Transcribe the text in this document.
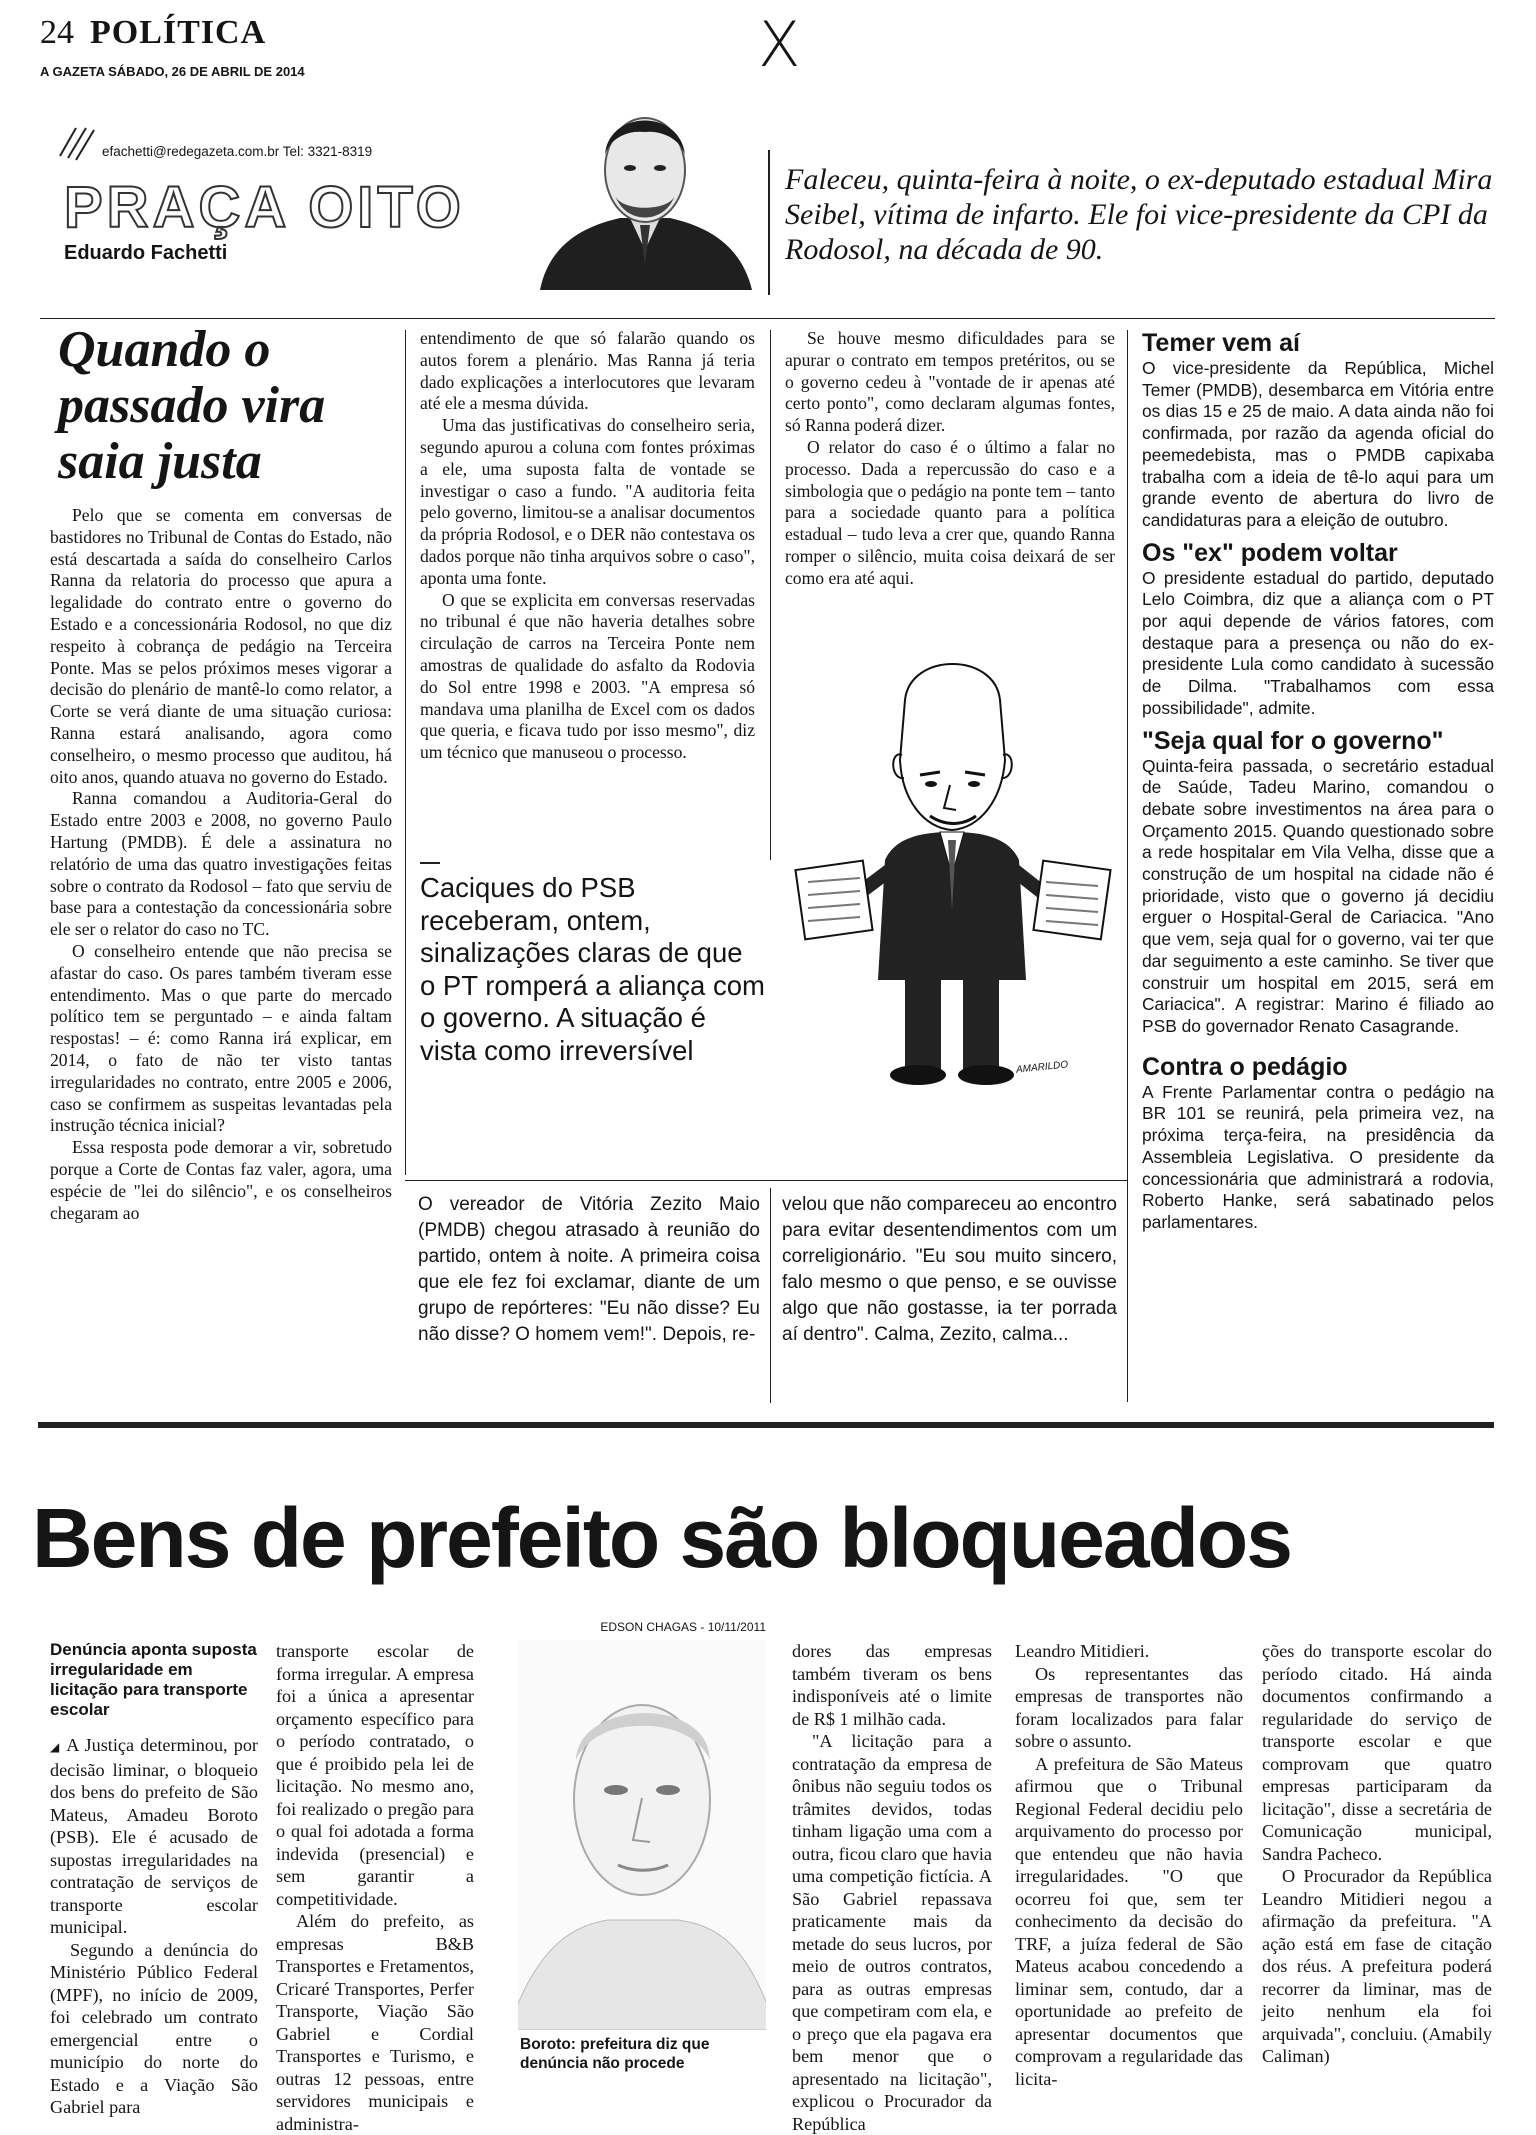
24 POLÍTICA
A GAZETA SÁBADO, 26 DE ABRIL DE 2014	X
efachetti@redegazeta.com.br Tel: 3321-8319
PRAÇA OITO
Eduardo Fachetti
Faleceu, quinta-feira à noite, o ex-deputado estadual Mira Seibel, vítima de infarto. Ele foi vice-presidente da CPI da Rodosol, na década de 90.
Quando o passado vira saia justa

Pelo que se comenta em conversas de bastidores no Tribunal de Contas do Estado, não está descartada a saída do conselheiro Carlos Ranna da relatoria do processo que apura a legalidade do contrato entre o governo do Estado e a concessionária Rodosol, no que diz respeito à cobrança de pedágio na Terceira Ponte. Mas se pelos próximos meses vigorar a decisão do plenário de mantê-lo como relator, a Corte se verá diante de uma situação curiosa: Ranna estará analisando, agora como conselheiro, o mesmo processo que auditou, há oito anos, quando atuava no governo do Estado.

Ranna comandou a Auditoria-Geral do Estado entre 2003 e 2008, no governo Paulo Hartung (PMDB). É dele a assinatura no relatório de uma das quatro investigações feitas sobre o contrato da Rodosol – fato que serviu de base para a contestação da concessionária sobre ele ser o relator do caso no TC.

O conselheiro entende que não precisa se afastar do caso. Os pares também tiveram esse entendimento. Mas o que parte do mercado político tem se perguntado – e ainda faltam respostas! – é: como Ranna irá explicar, em 2014, o fato de não ter visto tantas irregularidades no contrato, entre 2005 e 2006, caso se confirmem as suspeitas levantadas pela instrução técnica inicial?

Essa resposta pode demorar a vir, sobretudo porque a Corte de Contas faz valer, agora, uma espécie de "lei do silêncio", e os conselheiros chegaram ao

entendimento de que só falarão quando os autos forem a plenário. Mas Ranna já teria dado explicações a interlocutores que levaram até ele a mesma dúvida.

Uma das justificativas do conselheiro seria, segundo apurou a coluna com fontes próximas a ele, uma suposta falta de vontade se investigar o caso a fundo. "A auditoria feita pelo governo, limitou-se a analisar documentos da própria Rodosol, e o DER não contestava os dados porque não tinha arquivos sobre o caso", aponta uma fonte.

O que se explicita em conversas reservadas no tribunal é que não haveria detalhes sobre circulação de carros na Terceira Ponte nem amostras de qualidade do asfalto da Rodovia do Sol entre 1998 e 2003. "A empresa só mandava uma planilha de Excel com os dados que queria, e ficava tudo por isso mesmo", diz um técnico que manuseou o processo.

Se houve mesmo dificuldades para se apurar o contrato em tempos pretéritos, ou se o governo cedeu à "vontade de ir apenas até certo ponto", como declaram algumas fontes, só Ranna poderá dizer.

O relator do caso é o último a falar no processo. Dada a repercussão do caso e a simbologia que o pedágio na ponte tem – tanto para a sociedade quanto para a política estadual – tudo leva a crer que, quando Ranna romper o silêncio, muita coisa deixará de ser como era até aqui.

Caciques do PSB receberam, ontem, sinalizações claras de que o PT romperá a aliança com o governo. A situação é vista como irreversível
AMARILDO
Temer vem aí

O vice-presidente da República, Michel Temer (PMDB), desembarca em Vitória entre os dias 15 e 25 de maio. A data ainda não foi confirmada, por razão da agenda oficial do peemedebista, mas o PMDB capixaba trabalha com a ideia de tê-lo aqui para um grande evento de abertura do livro de candidaturas para a eleição de outubro.

Os "ex" podem voltar

O presidente estadual do partido, deputado Lelo Coimbra, diz que a aliança com o PT por aqui depende de vários fatores, com destaque para a presença ou não do ex-presidente Lula como candidato à sucessão de Dilma. "Trabalhamos com essa possibilidade", admite.

"Seja qual for o governo"

Quinta-feira passada, o secretário estadual de Saúde, Tadeu Marino, comandou o debate sobre investimentos na área para o Orçamento 2015. Quando questionado sobre a rede hospitalar em Vila Velha, disse que a construção de um hospital na cidade não é prioridade, visto que o governo já decidiu erguer o Hospital-Geral de Cariacica. "Ano que vem, seja qual for o governo, vai ter que dar seguimento a este caminho. Se tiver que construir um hospital em 2015, será em Cariacica". A registrar: Marino é filiado ao PSB do governador Renato Casagrande.

Contra o pedágio

A Frente Parlamentar contra o pedágio na BR 101 se reunirá, pela primeira vez, na próxima terça-feira, na presidência da Assembleia Legislativa. O presidente da concessionária que administrará a rodovia, Roberto Hanke, será sabatinado pelos parlamentares.

O vereador de Vitória Zezito Maio (PMDB) chegou atrasado à reunião do partido, ontem à noite. A primeira coisa que ele fez foi exclamar, diante de um grupo de repórteres: "Eu não disse? Eu não disse? O homem vem!". Depois, re-
velou que não compareceu ao encontro para evitar desentendimentos com um correligionário. "Eu sou muito sincero, falo mesmo o que penso, e se ouvisse algo que não gostasse, ia ter porrada aí dentro". Calma, Zezito, calma...
Bens de prefeito são bloqueados
Denúncia aponta suposta irregularidade em licitação para transporte escolar

◢ A Justiça determinou, por decisão liminar, o bloqueio dos bens do prefeito de São Mateus, Amadeu Boroto (PSB). Ele é acusado de supostas irregularidades na contratação de serviços de transporte escolar municipal.

Segundo a denúncia do Ministério Público Federal (MPF), no início de 2009, foi celebrado um contrato emergencial entre o município do norte do Estado e a Viação São Gabriel para

transporte escolar de forma irregular. A empresa foi a única a apresentar orçamento específico para o período contratado, o que é proibido pela lei de licitação. No mesmo ano, foi realizado o pregão para o qual foi adotada a forma indevida (presencial) e sem garantir a competitividade.

Além do prefeito, as empresas B&B Transportes e Fretamentos, Cricaré Transportes, Perfer Transporte, Viação São Gabriel e Cordial Transportes e Turismo, e outras 12 pessoas, entre servidores municipais e administra-

EDSON CHAGAS - 10/11/2011
Boroto: prefeitura diz que denúncia não procede

dores das empresas também tiveram os bens indisponíveis até o limite de R$ 1 milhão cada.

"A licitação para a contratação da empresa de ônibus não seguiu todos os trâmites devidos, todas tinham ligação uma com a outra, ficou claro que havia uma competição fictícia. A São Gabriel repassava praticamente mais da metade do seus lucros, por meio de outros contratos, para as outras empresas que competiram com ela, e o preço que ela pagava era bem menor que o apresentado na licitação", explicou o Procurador da República

Leandro Mitidieri.

Os representantes das empresas de transportes não foram localizados para falar sobre o assunto.

A prefeitura de São Mateus afirmou que o Tribunal Regional Federal decidiu pelo arquivamento do processo por que entendeu que não havia irregularidades. "O que ocorreu foi que, sem ter conhecimento da decisão do TRF, a juíza federal de São Mateus acabou concedendo a liminar sem, contudo, dar a oportunidade ao prefeito de apresentar documentos que comprovam a regularidade das licita-

ções do transporte escolar do período citado. Há ainda documentos confirmando a regularidade do serviço de transporte escolar e que comprovam que quatro empresas participaram da licitação", disse a secretária de Comunicação municipal, Sandra Pacheco.

O Procurador da República Leandro Mitidieri negou a afirmação da prefeitura. "A ação está em fase de citação dos réus. A prefeitura poderá recorrer da liminar, mas de jeito nenhum ela foi arquivada", concluiu. (Amabily Caliman)
